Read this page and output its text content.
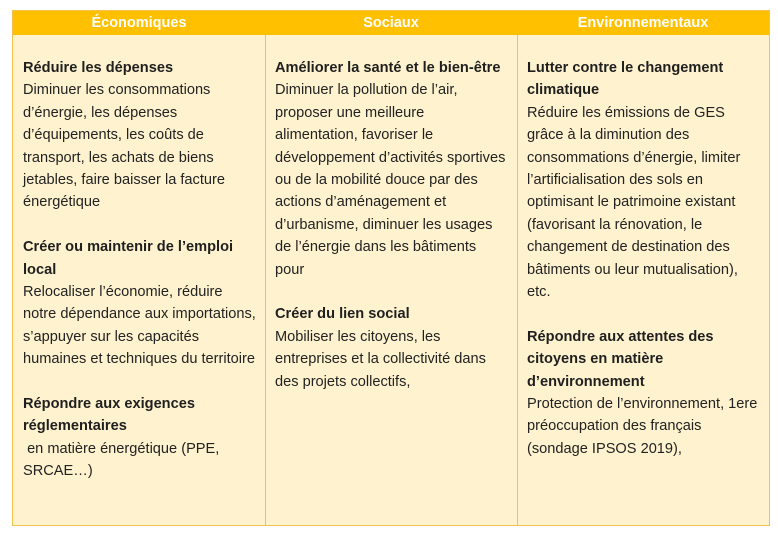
Économiques	Sociaux	Environnementaux
Réduire les dépenses
Diminuer les consommations d’énergie, les dépenses d’équipements, les coûts de transport, les achats de biens jetables, faire baisser la facture énergétique
Créer ou maintenir de l’emploi local
Relocaliser l’économie, réduire notre dépendance aux importations, s’appuyer sur les capacités humaines et techniques du territoire
Répondre aux exigences réglementaires
en matière énergétique (PPE, SRCAE…)
Améliorer la santé et le bien-être
Diminuer la pollution de l’air, proposer une meilleure alimentation, favoriser le développement d’activités sportives ou de la mobilité douce par des actions d’aménagement et d’urbanisme, diminuer les usages de l’énergie dans les bâtiments pour
Créer du lien social
Mobiliser les citoyens, les entreprises et la collectivité dans des projets collectifs,
Lutter contre le changement climatique
Réduire les émissions de GES grâce à la diminution des consommations d’énergie, limiter l’artificialisation des sols en optimisant le patrimoine existant (favorisant la rénovation, le changement de destination des bâtiments ou leur mutualisation), etc.
Répondre aux attentes des citoyens en matière d’environnement
Protection de l’environnement, 1ere préoccupation des français (sondage IPSOS 2019),
